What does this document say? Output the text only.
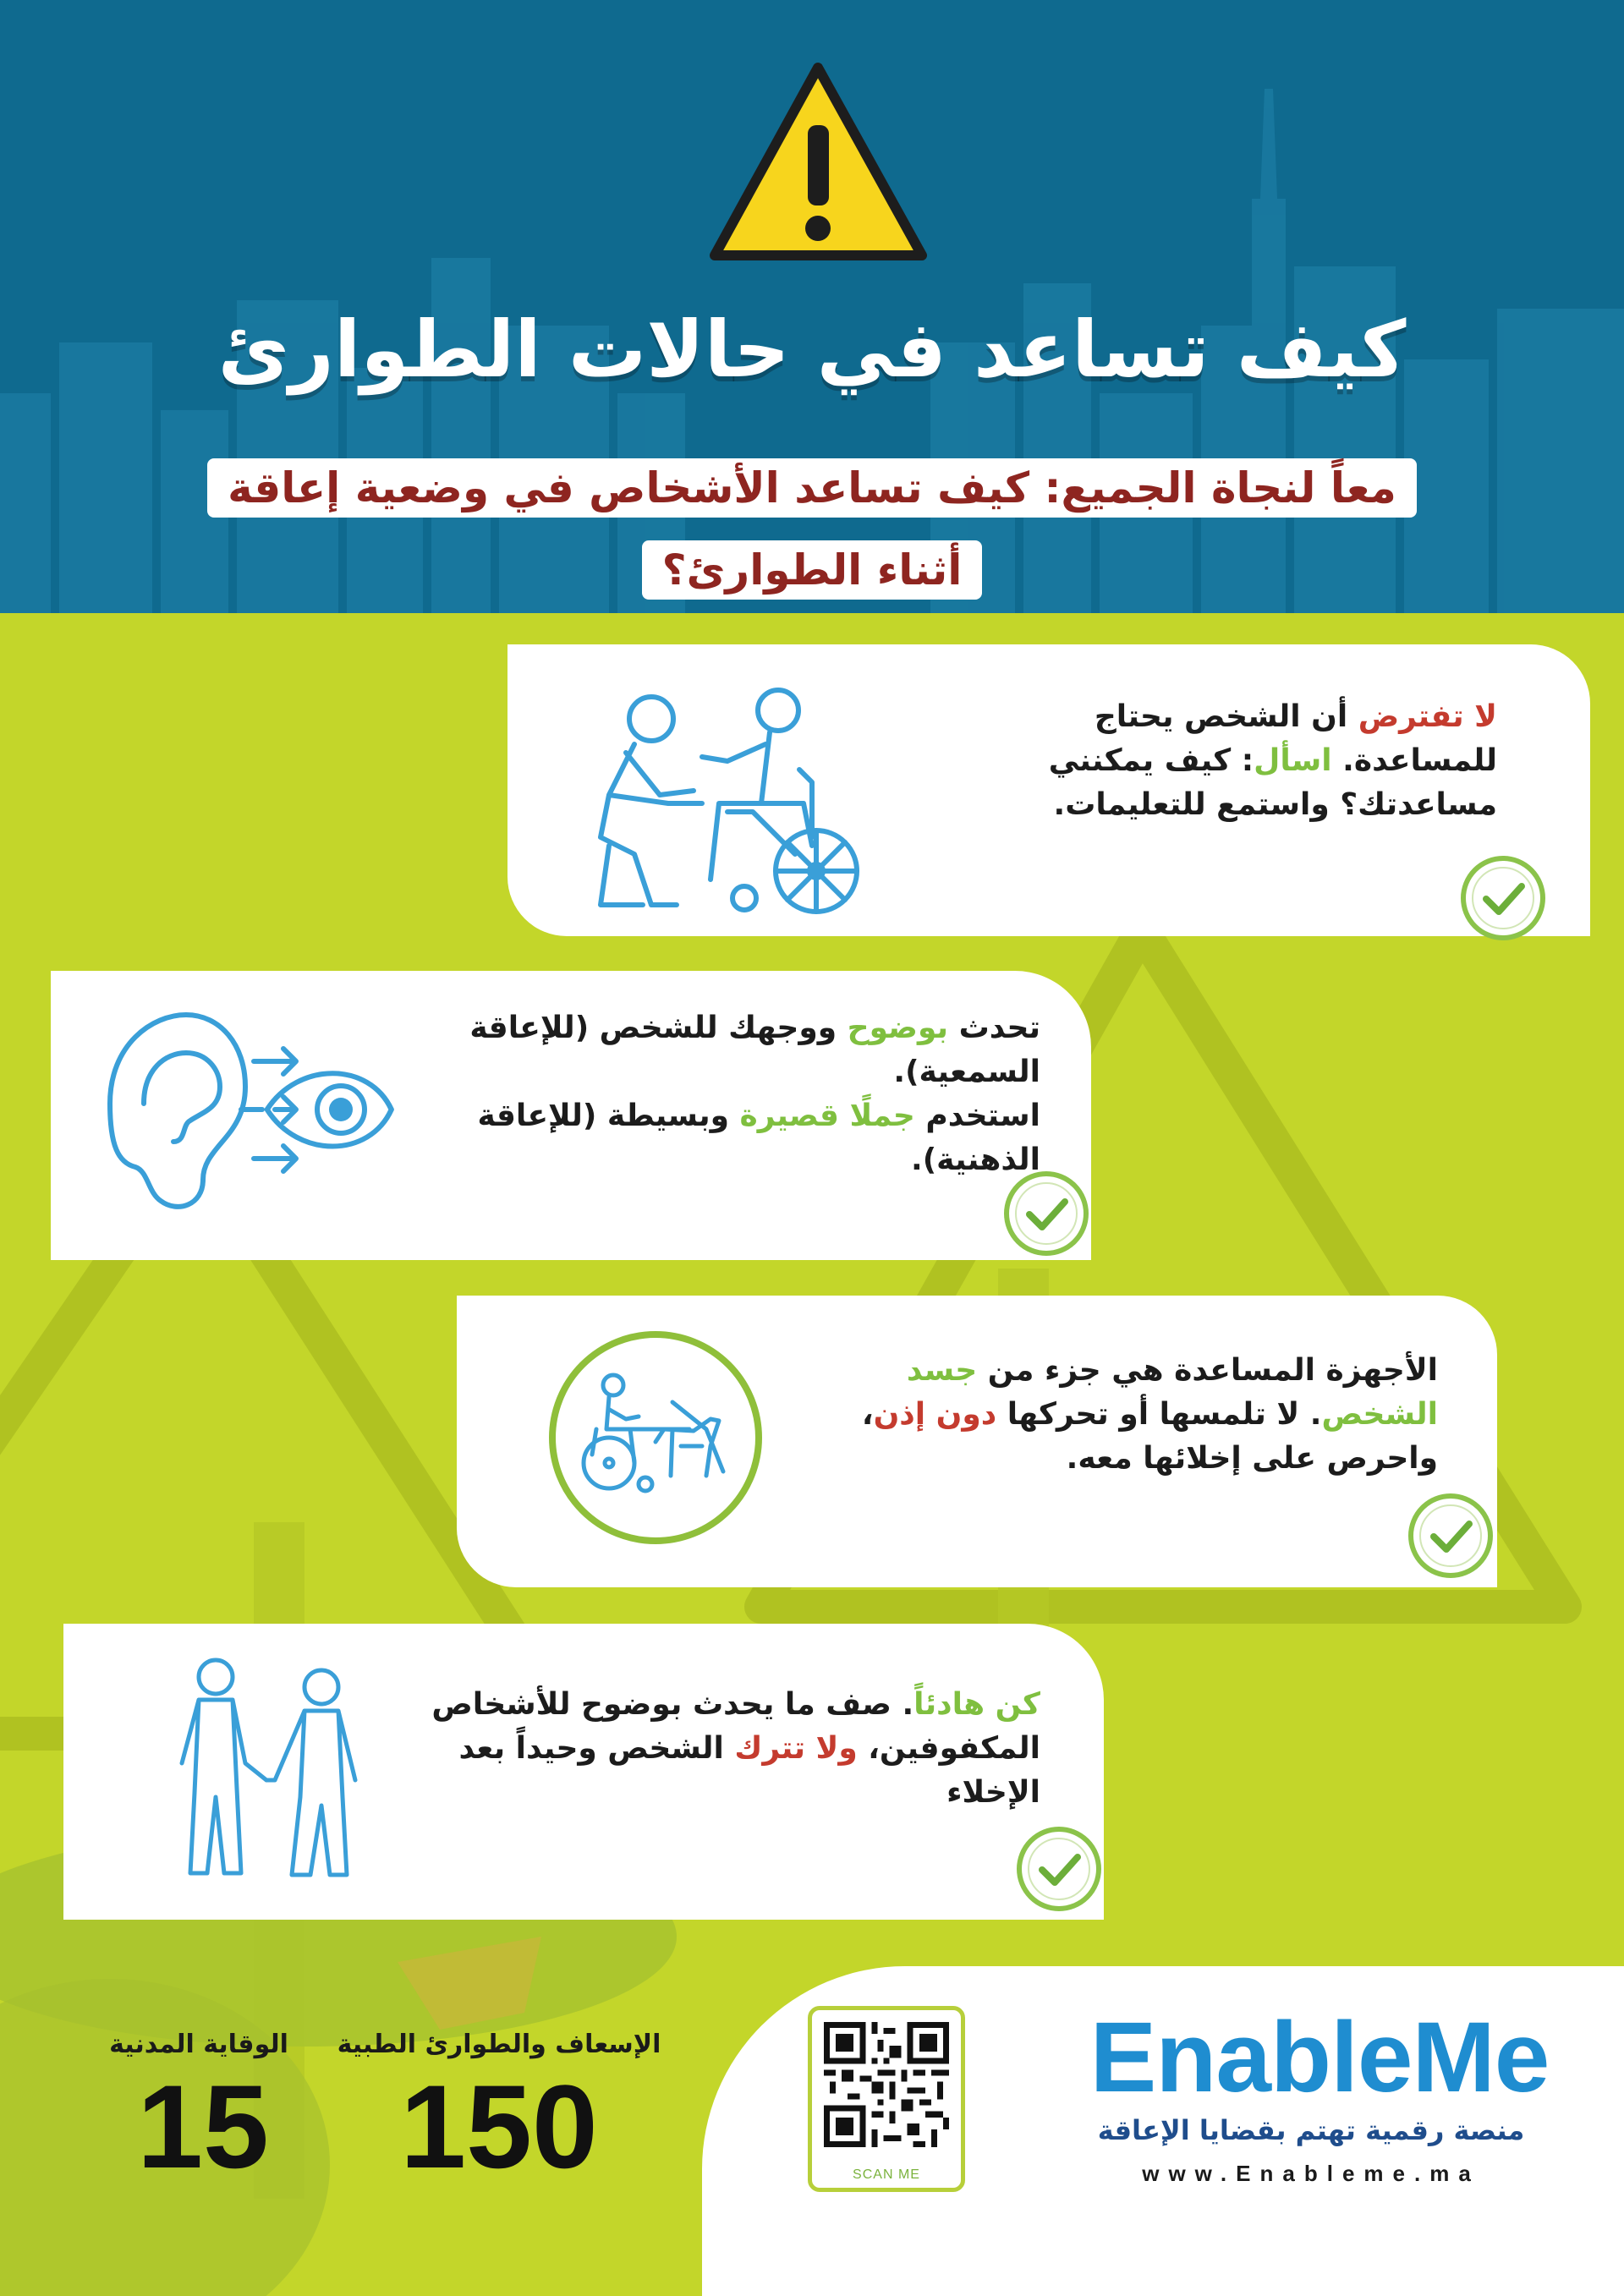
كيف تساعد في حالات الطوارئ
معاً لنجاة الجميع: كيف تساعد الأشخاص في وضعية إعاقة أثناء الطوارئ؟
لا تفترض أن الشخص يحتاج للمساعدة. اسأل: كيف يمكنني مساعدتك؟ واستمع للتعليمات.
تحدث بوضوح ووجهك للشخص (للإعاقة السمعية).
استخدم جملًا قصيرة وبسيطة (للإعاقة الذهنية).
الأجهزة المساعدة هي جزء من جسد الشخص. لا تلمسها أو تحركها دون إذن، واحرص على إخلائها معه.
كن هادئاً. صف ما يحدث بوضوح للأشخاص المكفوفين، ولا تترك الشخص وحيداً بعد الإخلاء
SCAN ME
EnableMe
منصة رقمية تهتم بقضايا الإعاقة
www.Enableme.ma
الإسعاف والطوارئ الطبية
150
الوقاية المدنية
15
